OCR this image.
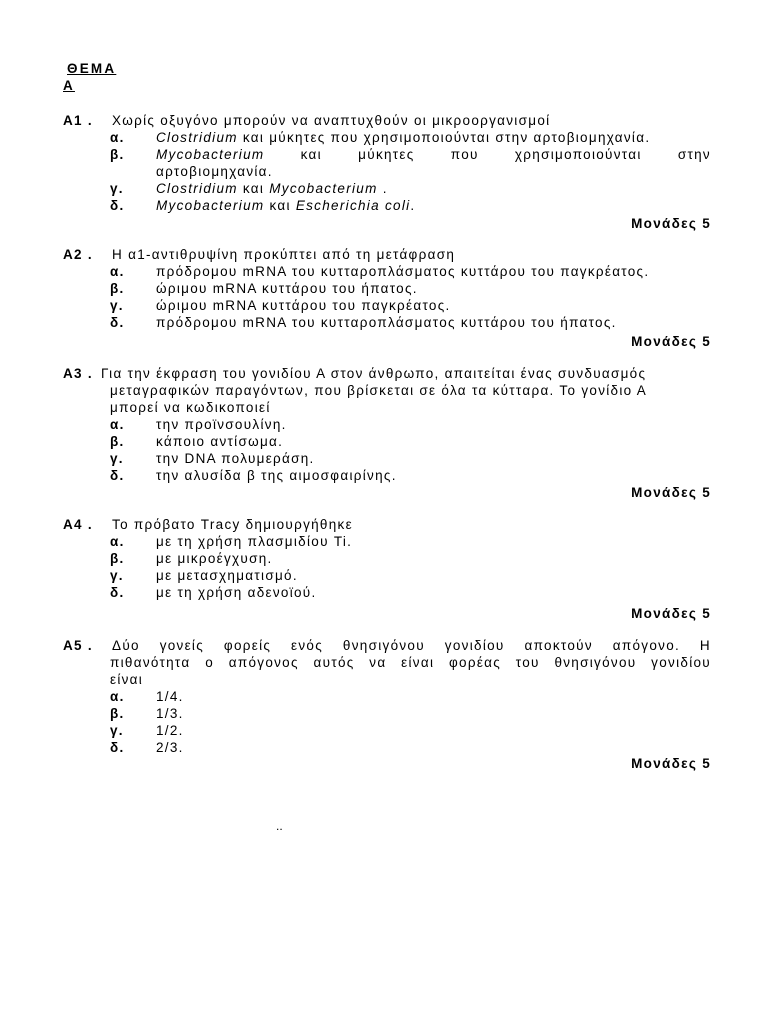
ΘΕΜΑ
Α
Α1 . Χωρίς οξυγόνο μπορούν να αναπτυχθούν οι μικροοργανισμοί
α. Clostridium και μύκητες που χρησιμοποιούνται στην αρτοβιομηχανία.
β. Mycobacterium και μύκητες που χρησιμοποιούνται στην
αρτοβιομηχανία.
γ. Clostridium και Mycobacterium .
δ. Mycobacterium και Escherichia coli.
Μονάδες 5
Α2 . Η α1-αντιθρυψίνη προκύπτει από τη μετάφραση
α. πρόδρομου mRNA του κυτταροπλάσματος κυττάρου του παγκρέατος.
β. ώριμου mRNA κυττάρου του ήπατος.
γ. ώριμου mRNA κυττάρου του παγκρέατος.
δ. πρόδρομου mRNA του κυτταροπλάσματος κυττάρου του ήπατος.
Μονάδες 5
Α3 . Για την έκφραση του γονιδίου Α στον άνθρωπο, απαιτείται ένας συνδυασμός
μεταγραφικών παραγόντων, που βρίσκεται σε όλα τα κύτταρα. Το γονίδιο Α
μπορεί να κωδικοποιεί
α. την προϊνσουλίνη.
β. κάποιο αντίσωμα.
γ. την DNA πολυμεράση.
δ. την αλυσίδα β της αιμοσφαιρίνης.
Μονάδες 5
Α4 . Το πρόβατο Tracy δημιουργήθηκε
α. με τη χρήση πλασμιδίου Ti.
β. με μικροέγχυση.
γ. με μετασχηματισμό.
δ. με τη χρήση αδενοϊού.
Μονάδες 5
Α5 . Δύο γονείς φορείς ενός θνησιγόνου γονιδίου αποκτούν απόγονο. Η
πιθανότητα ο απόγονος αυτός να είναι φορέας του θνησιγόνου γονιδίου
είναι
α. 1/4.
β. 1/3.
γ. 1/2.
δ. 2/3.
Μονάδες 5
..
